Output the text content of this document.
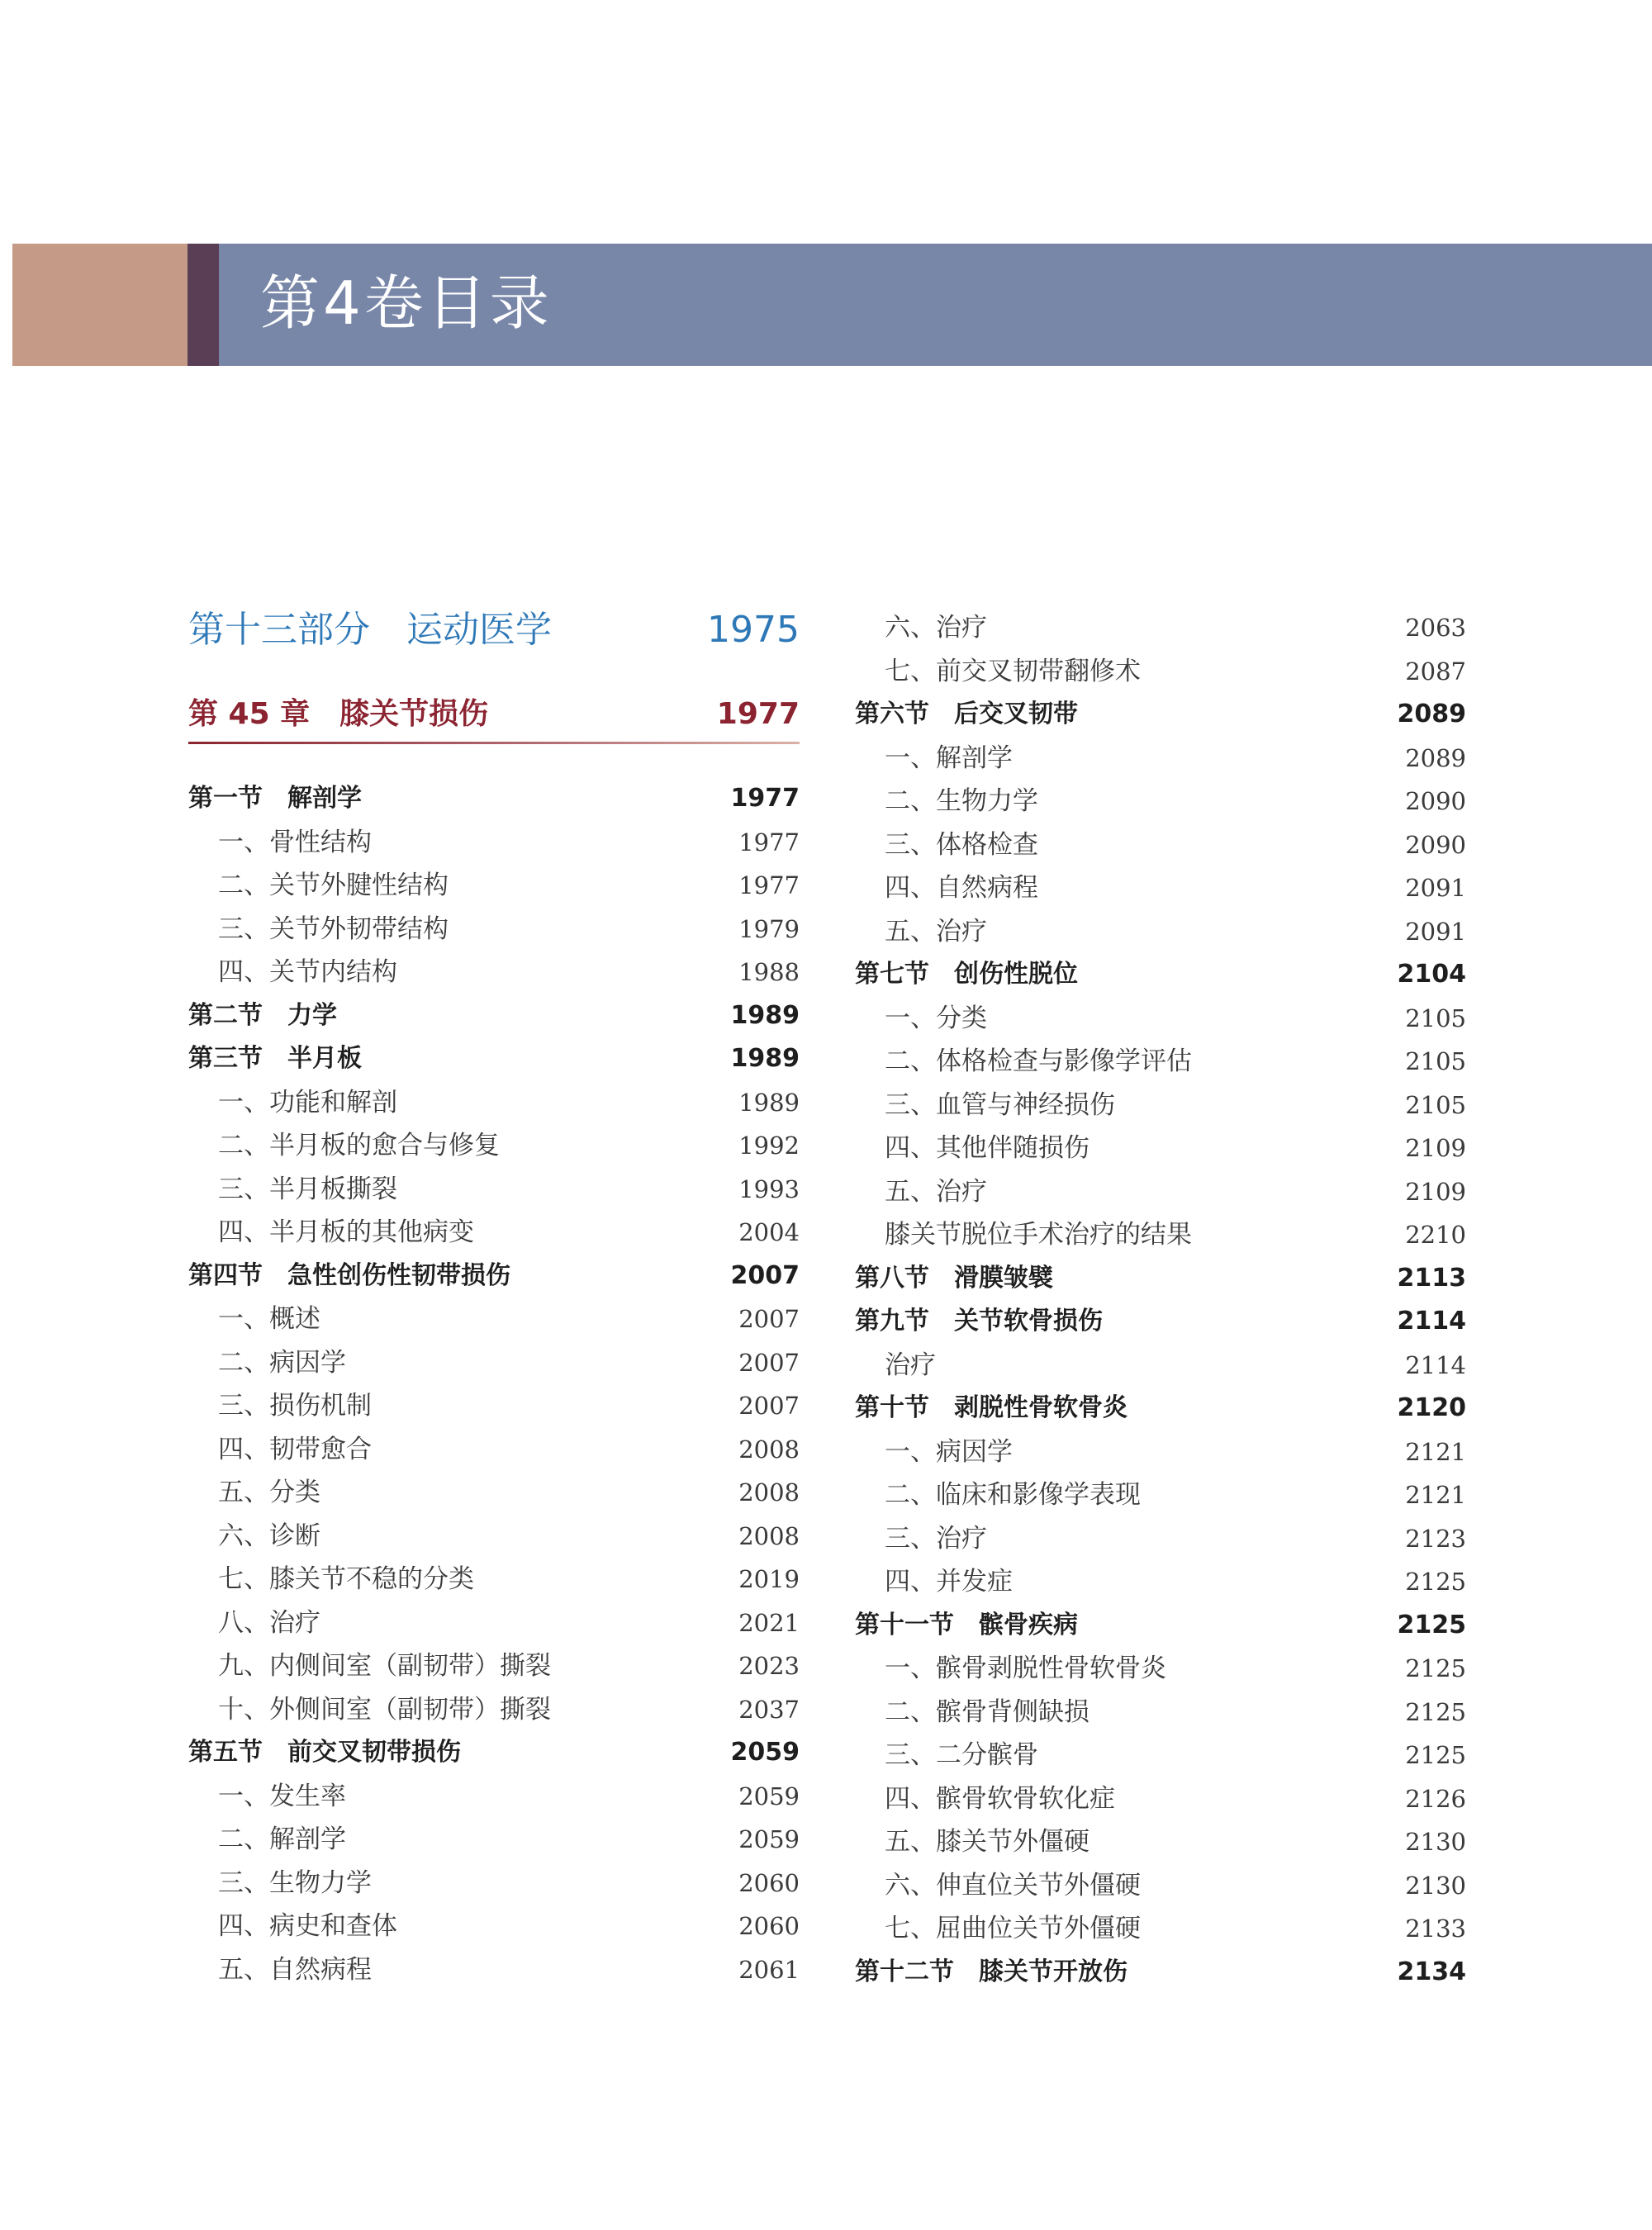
第4卷目录
第十三部分　运动医学	1975
第 45 章　膝关节损伤	1977
第一节　解剖学	1977
一、骨性结构	1977
二、关节外腱性结构	1977
三、关节外韧带结构	1979
四、关节内结构	1988
第二节　力学	1989
第三节　半月板	1989
一、功能和解剖	1989
二、半月板的愈合与修复	1992
三、半月板撕裂	1993
四、半月板的其他病变	2004
第四节　急性创伤性韧带损伤	2007
一、概述	2007
二、病因学	2007
三、损伤机制	2007
四、韧带愈合	2008
五、分类	2008
六、诊断	2008
七、膝关节不稳的分类	2019
八、治疗	2021
九、内侧间室（副韧带）撕裂	2023
十、外侧间室（副韧带）撕裂	2037
第五节　前交叉韧带损伤	2059
一、发生率	2059
二、解剖学	2059
三、生物力学	2060
四、病史和查体	2060
五、自然病程	2061
六、治疗	2063
七、前交叉韧带翻修术	2087
第六节　后交叉韧带	2089
一、解剖学	2089
二、生物力学	2090
三、体格检查	2090
四、自然病程	2091
五、治疗	2091
第七节　创伤性脱位	2104
一、分类	2105
二、体格检查与影像学评估	2105
三、血管与神经损伤	2105
四、其他伴随损伤	2109
五、治疗	2109
膝关节脱位手术治疗的结果	2210
第八节　滑膜皱襞	2113
第九节　关节软骨损伤	2114
治疗	2114
第十节　剥脱性骨软骨炎	2120
一、病因学	2121
二、临床和影像学表现	2121
三、治疗	2123
四、并发症	2125
第十一节　髌骨疾病	2125
一、髌骨剥脱性骨软骨炎	2125
二、髌骨背侧缺损	2125
三、二分髌骨	2125
四、髌骨软骨软化症	2126
五、膝关节外僵硬	2130
六、伸直位关节外僵硬	2130
七、屈曲位关节外僵硬	2133
第十二节　膝关节开放伤	2134
